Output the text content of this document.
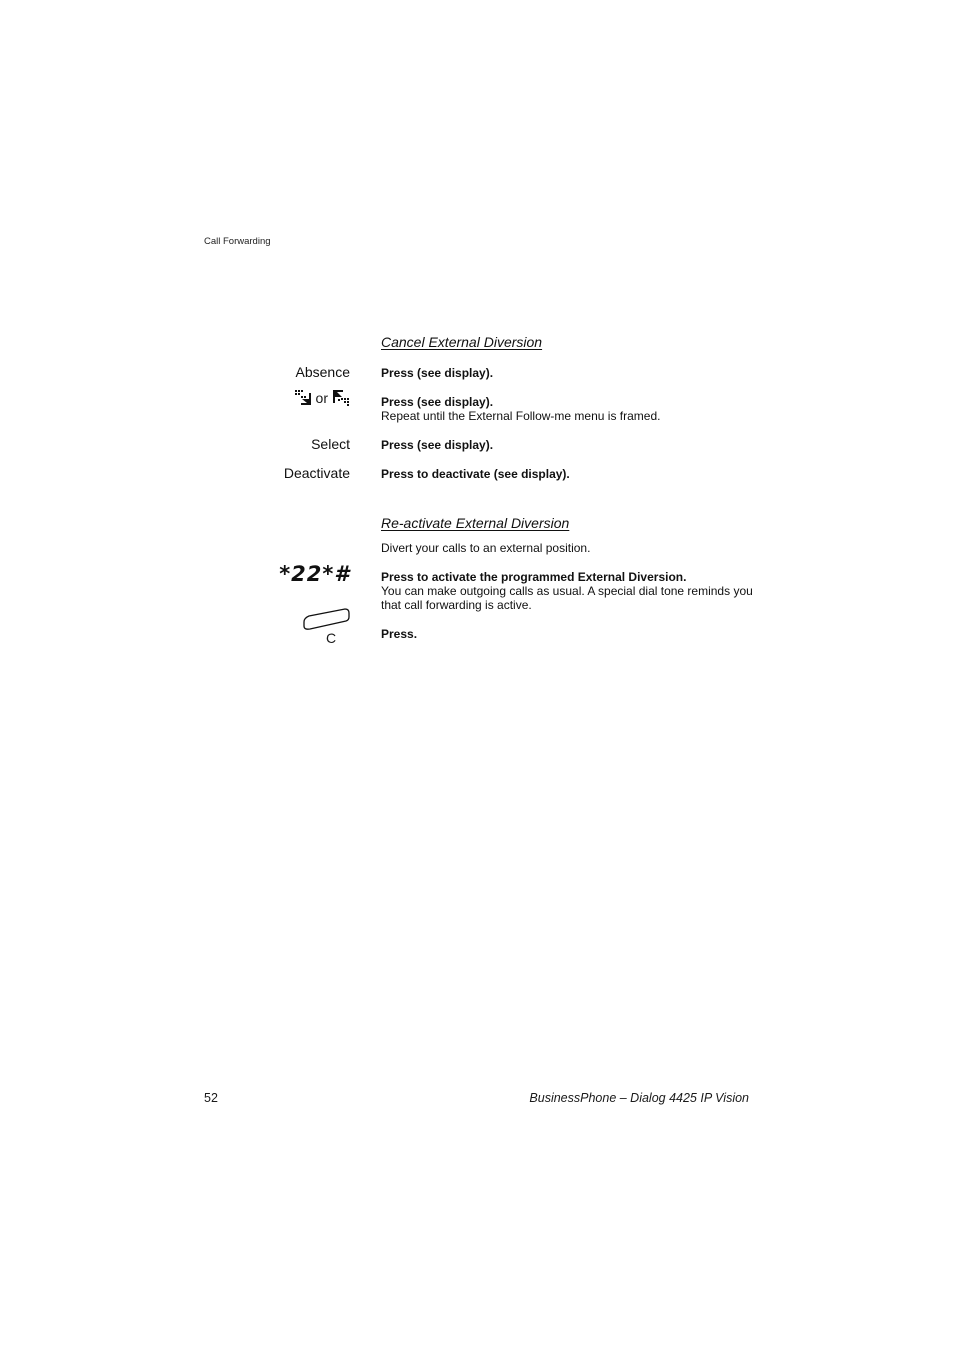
Call Forwarding
Cancel External Diversion
Absence	Press (see display).
or	Press (see display).
Repeat until the External Follow-me menu is framed.
Select	Press (see display).
Deactivate	Press to deactivate (see display).
Re-activate External Diversion
Divert your calls to an external position.
*22*#	Press to activate the programmed External Diversion.
You can make outgoing calls as usual. A special dial tone reminds you that call forwarding is active.
C	Press.
52	BusinessPhone – Dialog 4425 IP Vision
